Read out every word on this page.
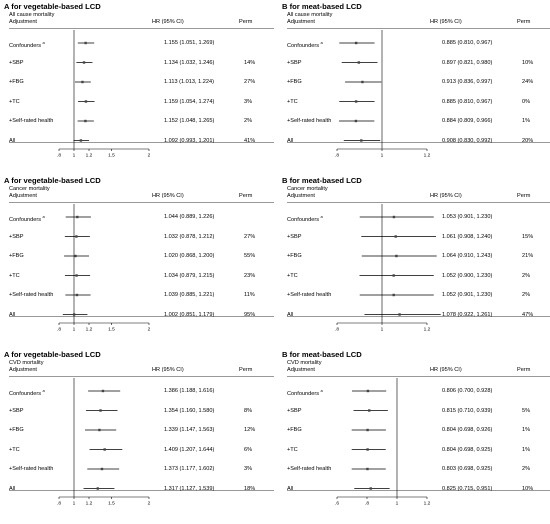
A for vegetable-based LCD
All cause mortality
Adjustment	HR (95% CI)	Perm
.8 1 1.2	1.5	2
Confounders$^a$	1.155 (1.051, 1.269)
+SBP	1.134 (1.032, 1.246)	14%
+FBG	1.113 (1.013, 1.224)	27%
+TC	1.159 (1.054, 1.274)	3%
+Self-rated health	1.152 (1.048, 1.265)	2%
All	1.092 (0.993, 1.201)	41%
B for meat-based LCD
All cause mortality
Adjustment	HR (95% CI)	Perm
.8	1	1.2
Confounders$^a$	0.885 (0.810, 0.967)
+SBP	0.897 (0.821, 0.980)	10%
+FBG	0.913 (0.836, 0.997)	24%
+TC	0.885 (0.810, 0.967)	0%
+Self-rated health	0.884 (0.809, 0.966)	1%
All	0.908 (0.830, 0.992)	20%
A for vegetable-based LCD
Cancer mortality
Adjustment	HR (95% CI)	Perm
.8 1 1.2	1.5	2
Confounders$^a$	1.044 (0.889, 1.226)
+SBP	1.032 (0.878, 1.212)	27%
+FBG	1.020 (0.868, 1.200)	55%
+TC	1.034 (0.879, 1.215)	23%
+Self-rated health	1.039 (0.885, 1.221)	11%
All	1.002 (0.851, 1.179)	95%
B for meat-based LCD
Cancer mortality
Adjustment	HR (95% CI)	Perm
.8	1	1.2
Confounders$^a$	1.053 (0.901, 1.230)
+SBP	1.061 (0.908, 1.240)	15%
+FBG	1.064 (0.910, 1.243)	21%
+TC	1.052 (0.900, 1.230)	2%
+Self-rated health	1.052 (0.901, 1.230)	2%
All	1.078 (0.922, 1.261)	47%
A for vegetable-based LCD
CVD mortality
Adjustment	HR (95% CI)	Perm
.8 1 1.2	1.5	2
Confounders$^a$	1.386 (1.188, 1.616)
+SBP	1.354 (1.160, 1.580)	8%
+FBG	1.339 (1.147, 1.563)	12%
+TC	1.409 (1.207, 1.644)	6%
+Self-rated health	1.373 (1.177, 1.602)	3%
All	1.317 (1.127, 1.539)	18%
B for meat-based LCD
CVD mortality
Adjustment	HR (95% CI)	Perm
.6	.8	1	1.2
Confounders$^a$	0.806 (0.700, 0.928)
+SBP	0.815 (0.710, 0.939)	5%
+FBG	0.804 (0.698, 0.926)	1%
+TC	0.804 (0.698, 0.925)	1%
+Self-rated health	0.803 (0.698, 0.925)	2%
All	0.825 (0.715, 0.951)	10%
